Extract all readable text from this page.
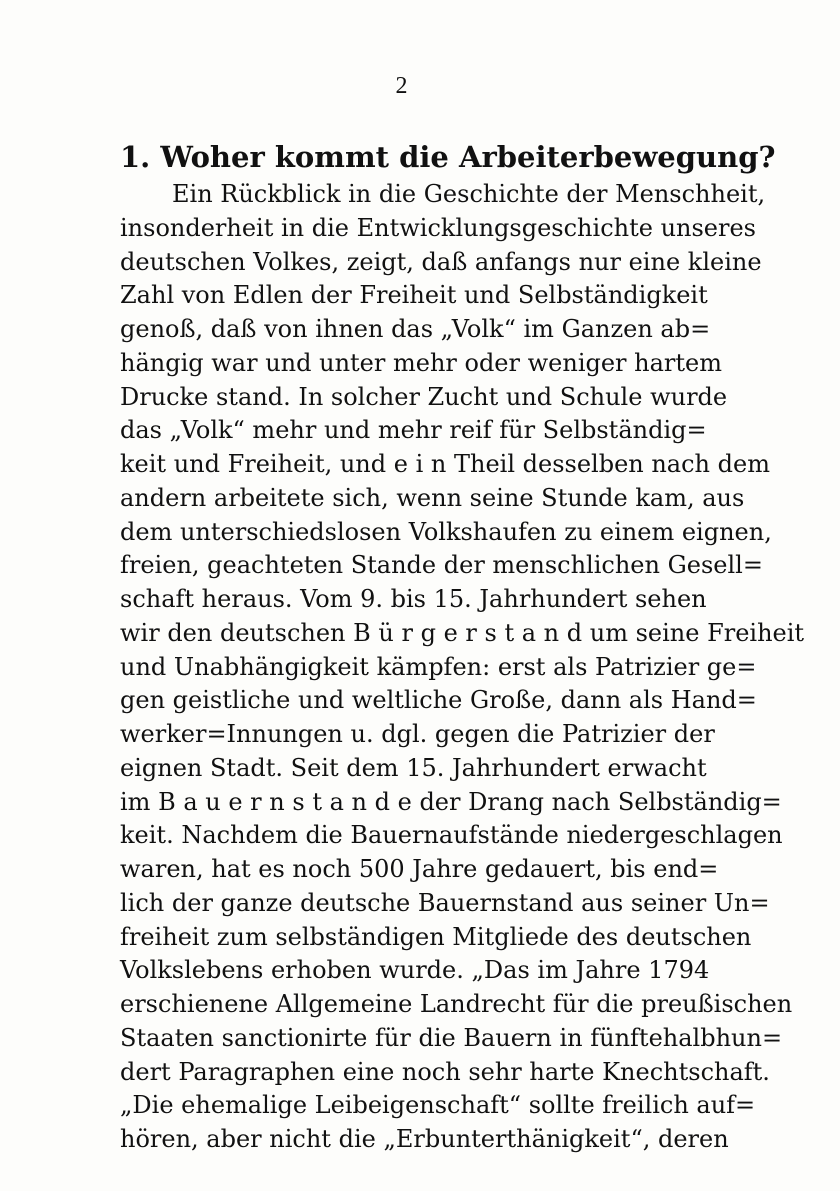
2
1. Woher kommt die Arbeiterbewegung?
Ein Rückblick in die Geschichte der Menschheit,
insonderheit in die Entwicklungsgeschichte unseres
deutschen Volkes, zeigt, daß anfangs nur eine kleine
Zahl von Edlen der Freiheit und Selbständigkeit
genoß, daß von ihnen das „Volk“ im Ganzen ab=
hängig war und unter mehr oder weniger hartem
Drucke stand. In solcher Zucht und Schule wurde
das „Volk“ mehr und mehr reif für Selbständig=
keit und Freiheit, und e i n Theil desselben nach dem
andern arbeitete sich, wenn seine Stunde kam, aus
dem unterschiedslosen Volkshaufen zu einem eignen,
freien, geachteten Stande der menschlichen Gesell=
schaft heraus. Vom 9. bis 15. Jahrhundert sehen
wir den deutschen B ü r g e r s t a n d um seine Freiheit
und Unabhängigkeit kämpfen: erst als Patrizier ge=
gen geistliche und weltliche Große, dann als Hand=
werker=Innungen u. dgl. gegen die Patrizier der
eignen Stadt. Seit dem 15. Jahrhundert erwacht
im B a u e r n s t a n d e der Drang nach Selbständig=
keit. Nachdem die Bauernaufstände niedergeschlagen
waren, hat es noch 500 Jahre gedauert, bis end=
lich der ganze deutsche Bauernstand aus seiner Un=
freiheit zum selbständigen Mitgliede des deutschen
Volkslebens erhoben wurde. „Das im Jahre 1794
erschienene Allgemeine Landrecht für die preußischen
Staaten sanctionirte für die Bauern in fünftehalbhun=
dert Paragraphen eine noch sehr harte Knechtschaft.
„Die ehemalige Leibeigenschaft“ sollte freilich auf=
hören, aber nicht die „Erbunterthänigkeit“, deren
